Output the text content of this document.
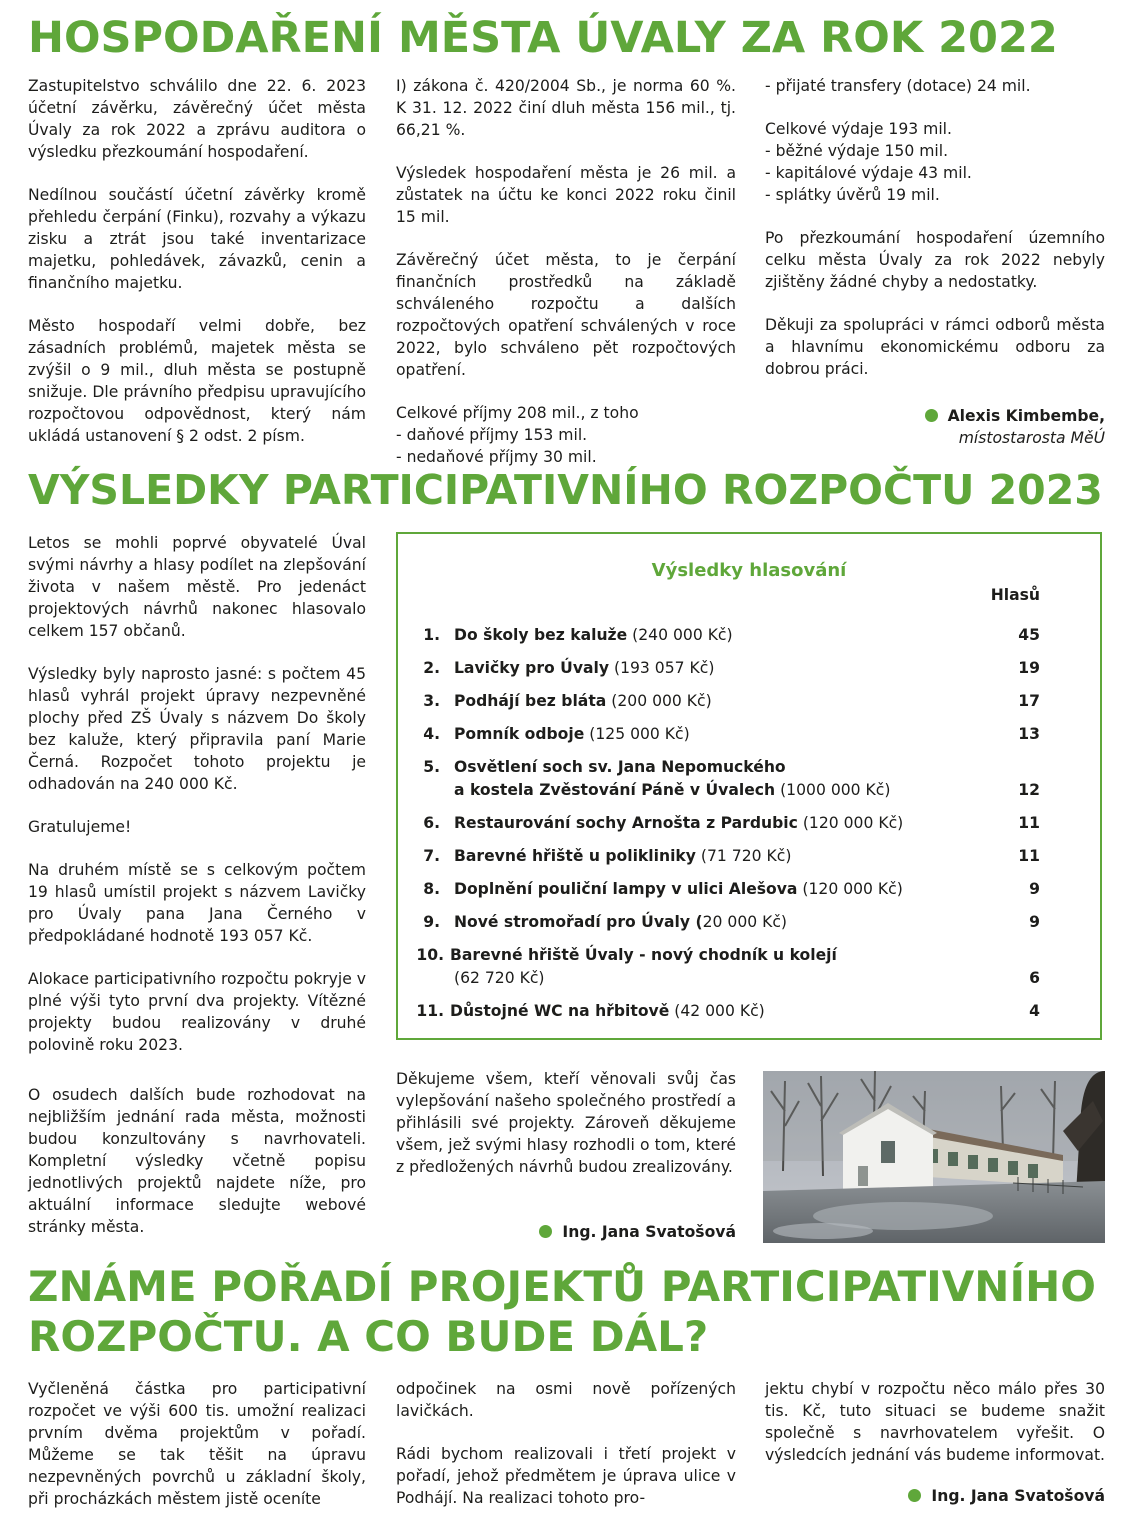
HOSPODAŘENÍ MĚSTA ÚVALY ZA ROK 2022

Zastupitelstvo schválilo dne 22. 6. 2023 účetní závěrku, závěrečný účet města Úvaly za rok 2022 a zprávu auditora o výsledku přezkoumání hospodaření.

Nedílnou součástí účetní závěrky kromě přehledu čerpání (Finku), rozvahy a výkazu zisku a ztrát jsou také inventarizace majetku, pohledávek, závazků, cenin a finančního majetku.

Město hospodaří velmi dobře, bez zásadních problémů, majetek města se zvýšil o 9 mil., dluh města se postupně snižuje. Dle právního předpisu upravujícího rozpočtovou odpovědnost, který nám ukládá ustanovení § 2 odst. 2 písm.

I) zákona č. 420/2004 Sb., je norma 60 %. K 31. 12. 2022 činí dluh města 156 mil., tj. 66,21 %.

Výsledek hospodaření města je 26 mil. a zůstatek na účtu ke konci 2022 roku činil 15 mil.

Závěrečný účet města, to je čerpání finančních prostředků na základě schváleného rozpočtu a dalších rozpočtových opatření schválených v roce 2022, bylo schváleno pět rozpočtových opatření.

Celkové příjmy 208 mil., z toho

- daňové příjmy 153 mil.

- nedaňové příjmy 30 mil.

- přijaté transfery (dotace) 24 mil.

Celkové výdaje 193 mil.

- běžné výdaje 150 mil.

- kapitálové výdaje 43 mil.

- splátky úvěrů 19 mil.

Po přezkoumání hospodaření územního celku města Úvaly za rok 2022 nebyly zjištěny žádné chyby a nedostatky.

Děkuji za spolupráci v rámci odborů města a hlavnímu ekonomickému odboru za dobrou práci.

Alexis Kimbembe,
místostarosta MěÚ
VÝSLEDKY PARTICIPATIVNÍHO ROZPOČTU 2023

Letos se mohli poprvé obyvatelé Úval svými návrhy a hlasy podílet na zlepšování života v našem městě. Pro jedenáct projektových návrhů nakonec hlasovalo celkem 157 občanů.

Výsledky byly naprosto jasné: s počtem 45 hlasů vyhrál projekt úpravy nezpevněné plochy před ZŠ Úvaly s názvem Do školy bez kaluže, který připravila paní Marie Černá. Rozpočet tohoto projektu je odhadován na 240 000 Kč.

Gratulujeme!

Na druhém místě se s celkovým počtem 19 hlasů umístil projekt s názvem Lavičky pro Úvaly pana Jana Černého v předpokládané hodnotě 193 057 Kč.

Alokace participativního rozpočtu pokryje v plné výši tyto první dva projekty. Vítězné projekty budou realizovány v druhé polovině roku 2023.

O osudech dalších bude rozhodovat na nejbližším jednání rada města, možnosti budou konzultovány s navrhovateli. Kompletní výsledky včetně popisu jednotlivých projektů najdete níže, pro aktuální informace sledujte webové stránky města.

Výsledky hlasování
Hlasů
1. Do školy bez kaluže (240 000 Kč)	45
2. Lavičky pro Úvaly (193 057 Kč)	19
3. Podhájí bez bláta (200 000 Kč)	17
4. Pomník odboje (125 000 Kč)	13
5. Osvětlení soch sv. Jana Nepomuckého
a kostela Zvěstování Páně v Úvalech (1000 000 Kč)	12
6. Restaurování sochy Arnošta z Pardubic (120 000 Kč)	11
7. Barevné hřiště u polikliniky (71 720 Kč)	11
8. Doplnění pouliční lampy v ulici Alešova (120 000 Kč)	9
9. Nové stromořadí pro Úvaly (20 000 Kč)	9
10. Barevné hřiště Úvaly - nový chodník u kolejí
(62 720 Kč)	6
11. Důstojné WC na hřbitově (42 000 Kč)	4

Děkujeme všem, kteří věnovali svůj čas vylepšování našeho společného prostředí a přihlásili své projekty. Zároveň děkujeme všem, jež svými hlasy rozhodli o tom, které z předložených návrhů budou zrealizovány.

Ing. Jana Svatošová
ZNÁME POŘADÍ PROJEKTŮ PARTICIPATIVNÍHO
ROZPOČTU. A CO BUDE DÁL?

Vyčleněná částka pro participativní rozpočet ve výši 600 tis. umožní realizaci prvním dvěma projektům v pořadí. Můžeme se tak těšit na úpravu nezpevněných povrchů u základní školy, při procházkách městem jistě oceníte

odpočinek na osmi nově pořízených lavičkách.

Rádi bychom realizovali i třetí projekt v pořadí, jehož předmětem je úprava ulice v Podhájí. Na realizaci tohoto pro-

jektu chybí v rozpočtu něco málo přes 30 tis. Kč, tuto situaci se budeme snažit společně s navrhovatelem vyřešit. O výsledcích jednání vás budeme informovat.

Ing. Jana Svatošová
